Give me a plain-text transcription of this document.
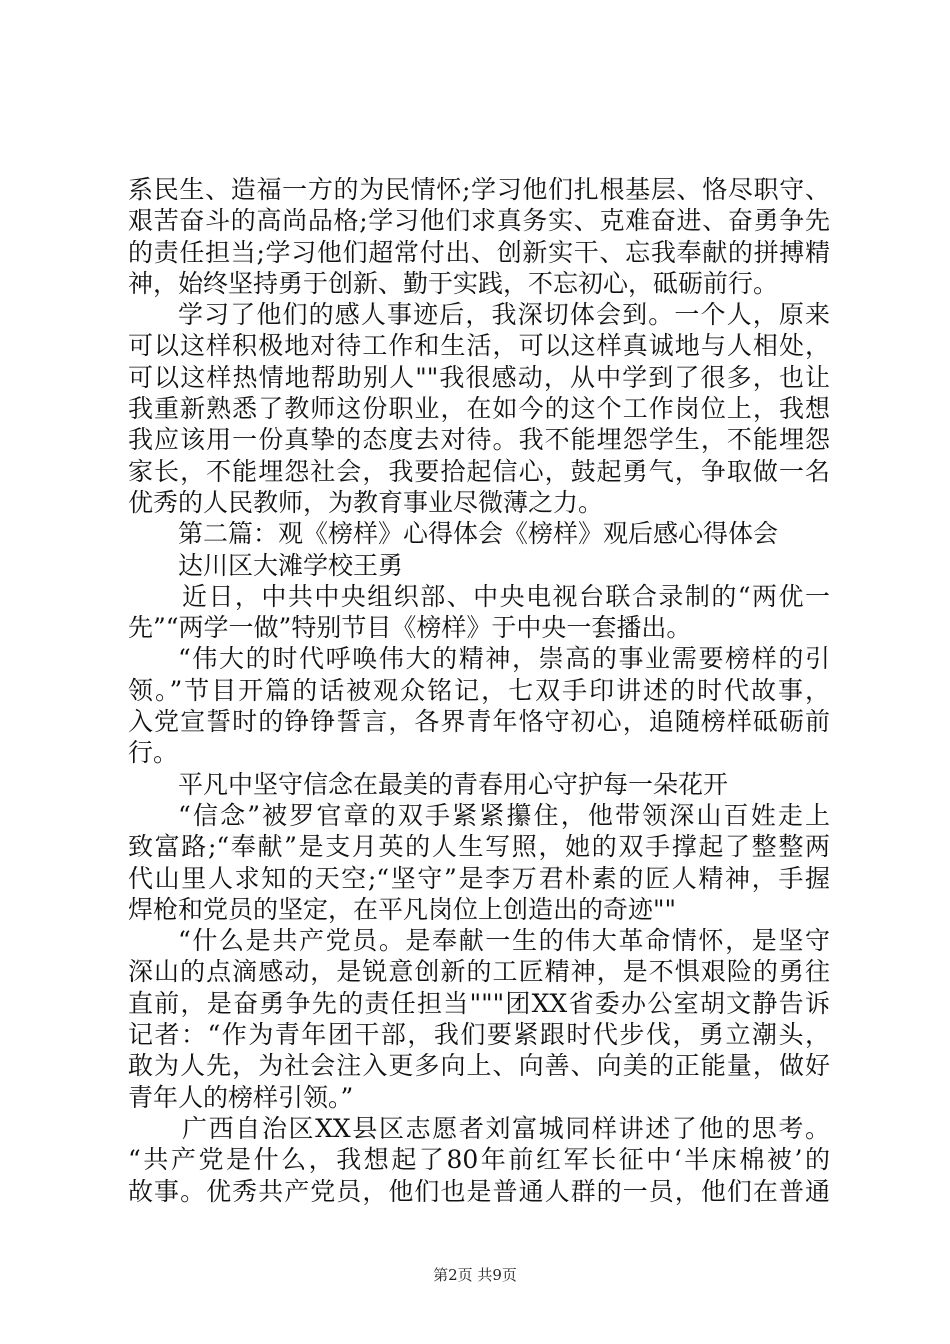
系民生、造福一方的为民情怀;学习他们扎根基层、恪尽职守、
艰苦奋斗的高尚品格;学习他们求真务实、克难奋进、奋勇争先
的责任担当;学习他们超常付出、创新实干、忘我奉献的拼搏精
神，始终坚持勇于创新、勤于实践，不忘初心，砥砺前行。
学习了他们的感人事迹后，我深切体会到。一个人，原来
可以这样积极地对待工作和生活，可以这样真诚地与人相处，
可以这样热情地帮助别人""我很感动，从中学到了很多，也让
我重新熟悉了教师这份职业，在如今的这个工作岗位上，我想
我应该用一份真挚的态度去对待。我不能埋怨学生，不能埋怨
家长，不能埋怨社会，我要拾起信心，鼓起勇气，争取做一名
优秀的人民教师，为教育事业尽微薄之力。
第二篇：观《榜样》心得体会《榜样》观后感心得体会
达川区大滩学校王勇
近日，中共中央组织部、中央电视台联合录制的“两优一
先”“两学一做”特别节目《榜样》于中央一套播出。
“伟大的时代呼唤伟大的精神，崇高的事业需要榜样的引
领。”节目开篇的话被观众铭记，七双手印讲述的时代故事，
入党宣誓时的铮铮誓言，各界青年恪守初心，追随榜样砥砺前
行。
平凡中坚守信念在最美的青春用心守护每一朵花开
“信念”被罗官章的双手紧紧攥住，他带领深山百姓走上
致富路;“奉献”是支月英的人生写照，她的双手撑起了整整两
代山里人求知的天空;“坚守”是李万君朴素的匠人精神，手握
焊枪和党员的坚定，在平凡岗位上创造出的奇迹""
“什么是共产党员。是奉献一生的伟大革命情怀，是坚守
深山的点滴感动，是锐意创新的工匠精神，是不惧艰险的勇往
直前，是奋勇争先的责任担当"""团XX省委办公室胡文静告诉
记者：“作为青年团干部，我们要紧跟时代步伐，勇立潮头，
敢为人先，为社会注入更多向上、向善、向美的正能量，做好
青年人的榜样引领。”
广西自治区XX县区志愿者刘富城同样讲述了他的思考。
“共产党是什么，我想起了80年前红军长征中‘半床棉被’的
故事。优秀共产党员，他们也是普通人群的一员，他们在普通
第2页 共9页
